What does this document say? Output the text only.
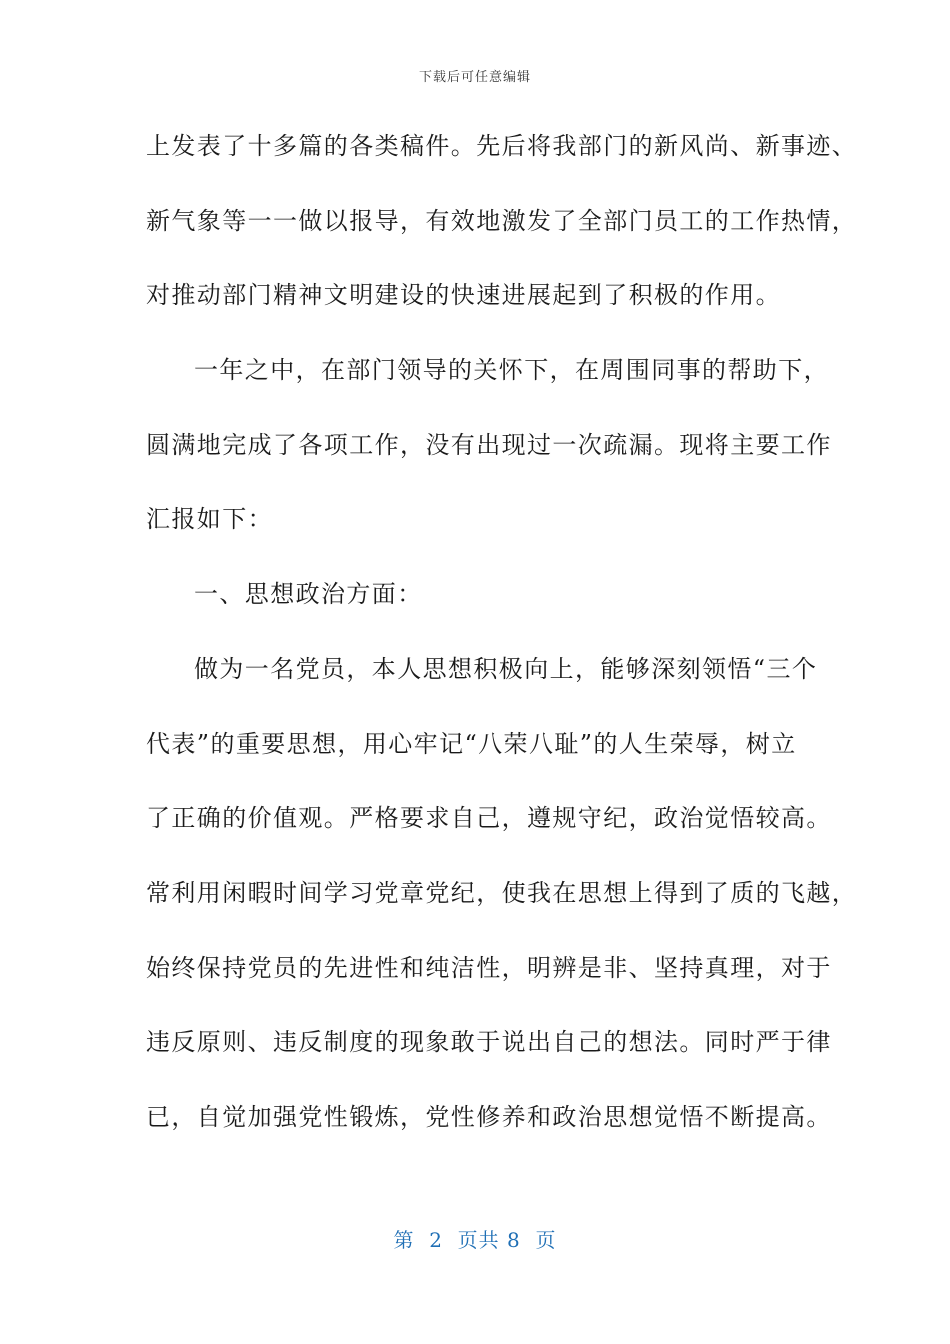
下载后可任意编辑
上发表了十多篇的各类稿件。先后将我部门的新风尚、新事迹、
新气象等一一做以报导，有效地激发了全部门员工的工作热情，
对推动部门精神文明建设的快速进展起到了积极的作用。
一年之中，在部门领导的关怀下，在周围同事的帮助下，
圆满地完成了各项工作，没有出现过一次疏漏。现将主要工作
汇报如下：
一、思想政治方面：
做为一名党员，本人思想积极向上，能够深刻领悟“三个
代表”的重要思想，用心牢记“八荣八耻”的人生荣辱，树立
了正确的价值观。严格要求自己，遵规守纪，政治觉悟较高。
常利用闲暇时间学习党章党纪，使我在思想上得到了质的飞越，
始终保持党员的先进性和纯洁性，明辨是非、坚持真理，对于
违反原则、违反制度的现象敢于说出自己的想法。同时严于律
已，自觉加强党性锻炼，党性修养和政治思想觉悟不断提高。
第  2  页共 8  页
